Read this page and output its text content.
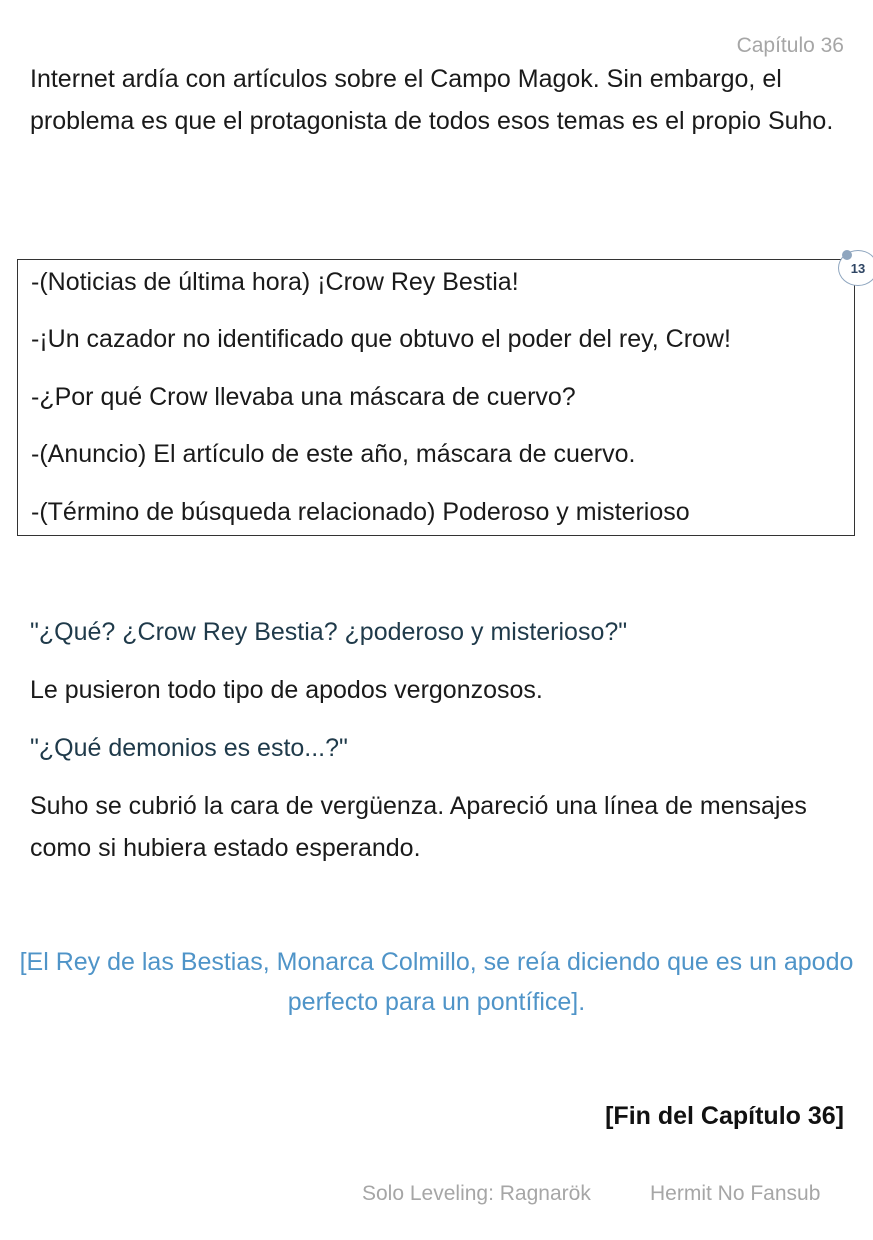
Capítulo 36

Internet ardía con artículos sobre el Campo Magok. Sin embargo, el problema es que el protagonista de todos esos temas es el propio Suho.

-(Noticias de última hora) ¡Crow Rey Bestia!
-¡Un cazador no identificado que obtuvo el poder del rey, Crow!
-¿Por qué Crow llevaba una máscara de cuervo?
-(Anuncio) El artículo de este año, máscara de cuervo.
-(Término de búsqueda relacionado) Poderoso y misterioso
13
"¿Qué? ¿Crow Rey Bestia? ¿poderoso y misterioso?"
Le pusieron todo tipo de apodos vergonzosos.
"¿Qué demonios es esto...?"

Suho se cubrió la cara de vergüenza. Apareció una línea de mensajes como si hubiera estado esperando.

[El Rey de las Bestias, Monarca Colmillo, se reía diciendo que es un apodo perfecto para un pontífice].
[Fin del Capítulo 36]
Solo Leveling: Ragnarök	Hermit No Fansub
